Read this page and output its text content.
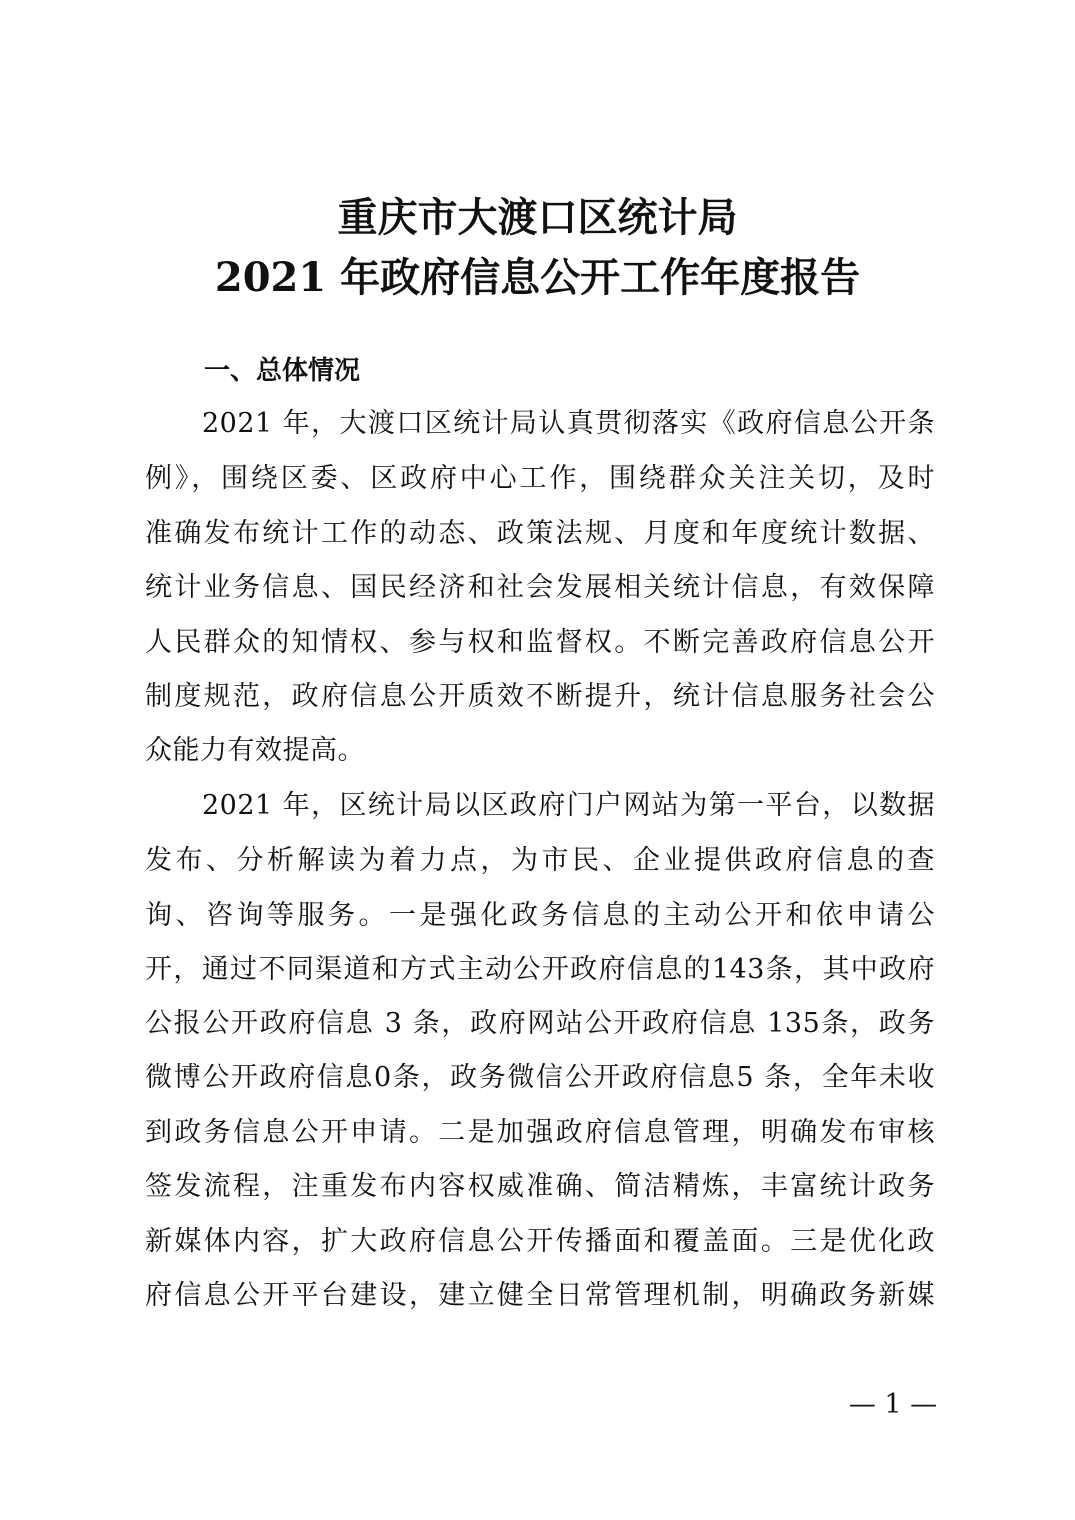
重庆市大渡口区统计局
2021 年政府信息公开工作年度报告
一、总体情况
2021 年，大渡口区统计局认真贯彻落实《政府信息公开条
例》，围绕区委、区政府中心工作，围绕群众关注关切，及时
准确发布统计工作的动态、政策法规、月度和年度统计数据、
统计业务信息、国民经济和社会发展相关统计信息，有效保障
人民群众的知情权、参与权和监督权。不断完善政府信息公开
制度规范，政府信息公开质效不断提升，统计信息服务社会公
众能力有效提高。
2021 年，区统计局以区政府门户网站为第一平台，以数据
发布、分析解读为着力点，为市民、企业提供政府信息的查
询、咨询等服务。一是强化政务信息的主动公开和依申请公
开，通过不同渠道和方式主动公开政府信息的143条，其中政府
公报公开政府信息 3 条，政府网站公开政府信息 135条，政务
微博公开政府信息0条，政务微信公开政府信息5 条，全年未收
到政务信息公开申请。二是加强政府信息管理，明确发布审核
签发流程，注重发布内容权威准确、简洁精炼，丰富统计政务
新媒体内容，扩大政府信息公开传播面和覆盖面。三是优化政
府信息公开平台建设，建立健全日常管理机制，明确政务新媒
— 1 —
